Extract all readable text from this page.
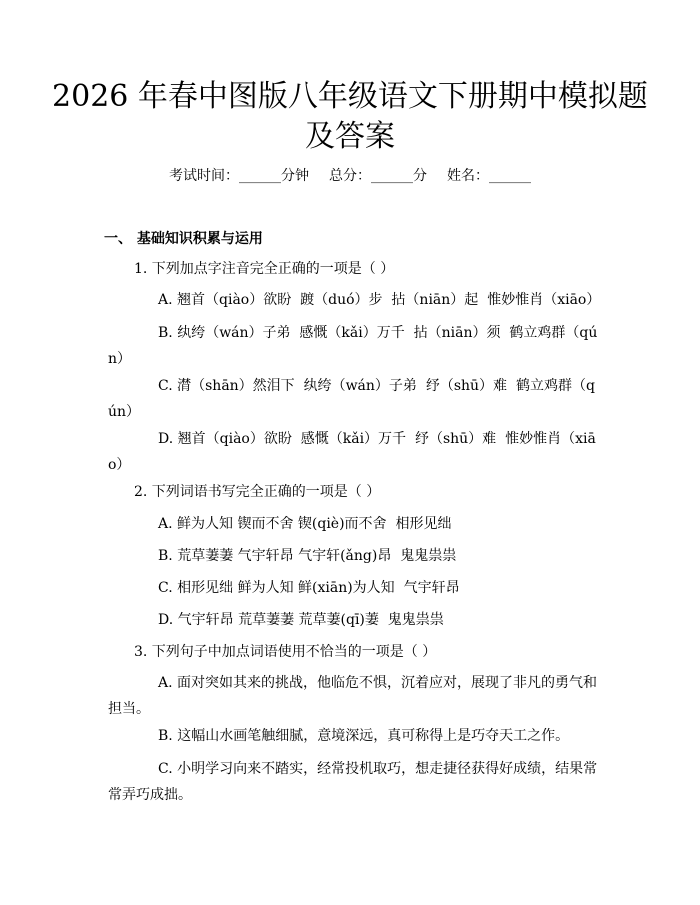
2026 年春中图版八年级语文下册期中模拟题
及答案
考试时间：______分钟 总分：______分 姓名：______
一、 基础知识积累与运用
1. 下列加点字注音完全正确的一项是（ ）
A. 翘首（qiào）欲盼  踱（duó）步  拈（niān）起  惟妙惟肖（xiāo）
B. 纨绔（wán）子弟  感慨（kǎi）万千  拈（niān）须  鹤立鸡群（qún）
C. 潸（shān）然泪下  纨绔（wán）子弟  纾（shū）难  鹤立鸡群（qún）
D. 翘首（qiào）欲盼  感慨（kǎi）万千  纾（shū）难  惟妙惟肖（xiāo）
2. 下列词语书写完全正确的一项是（ ）
A. 鲜为人知 锲而不舍 锲(qiè)而不舍  相形见绌
B. 荒草萋萋 气宇轩昂 气宇轩(ǎng)昂  鬼鬼祟祟
C. 相形见绌 鲜为人知 鲜(xiān)为人知  气宇轩昂
D. 气宇轩昂 荒草萋萋 荒草萋(qī)萋  鬼鬼祟祟
3. 下列句子中加点词语使用不恰当的一项是（ ）
A. 面对突如其来的挑战，他临危不惧，沉着应对，展现了非凡的勇气和担当。
B. 这幅山水画笔触细腻，意境深远，真可称得上是巧夺天工之作。
C. 小明学习向来不踏实，经常投机取巧，想走捷径获得好成绩，结果常常弄巧成拙。
